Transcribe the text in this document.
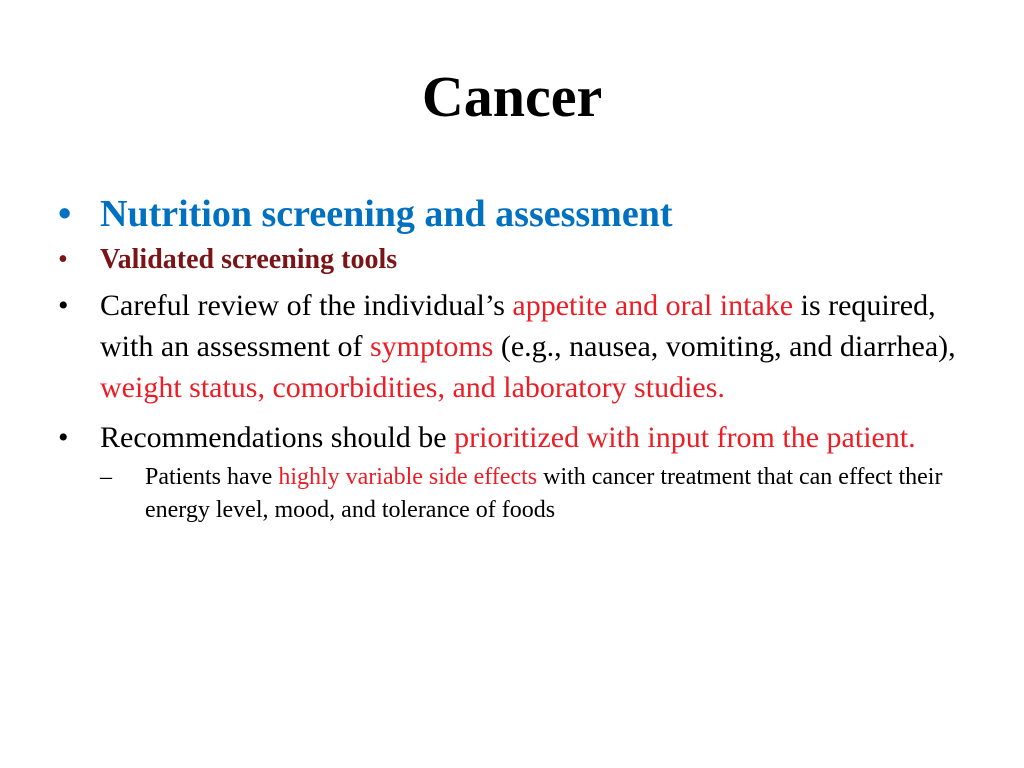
Cancer
• Nutrition screening and assessment
• Validated screening tools
• Careful review of the individual’s appetite and oral intake is required, with an assessment of symptoms (e.g., nausea, vomiting, and diarrhea), weight status, comorbidities, and laboratory studies.
• Recommendations should be prioritized with input from the patient.
– Patients have highly variable side effects with cancer treatment that can effect their energy level, mood, and tolerance of foods
